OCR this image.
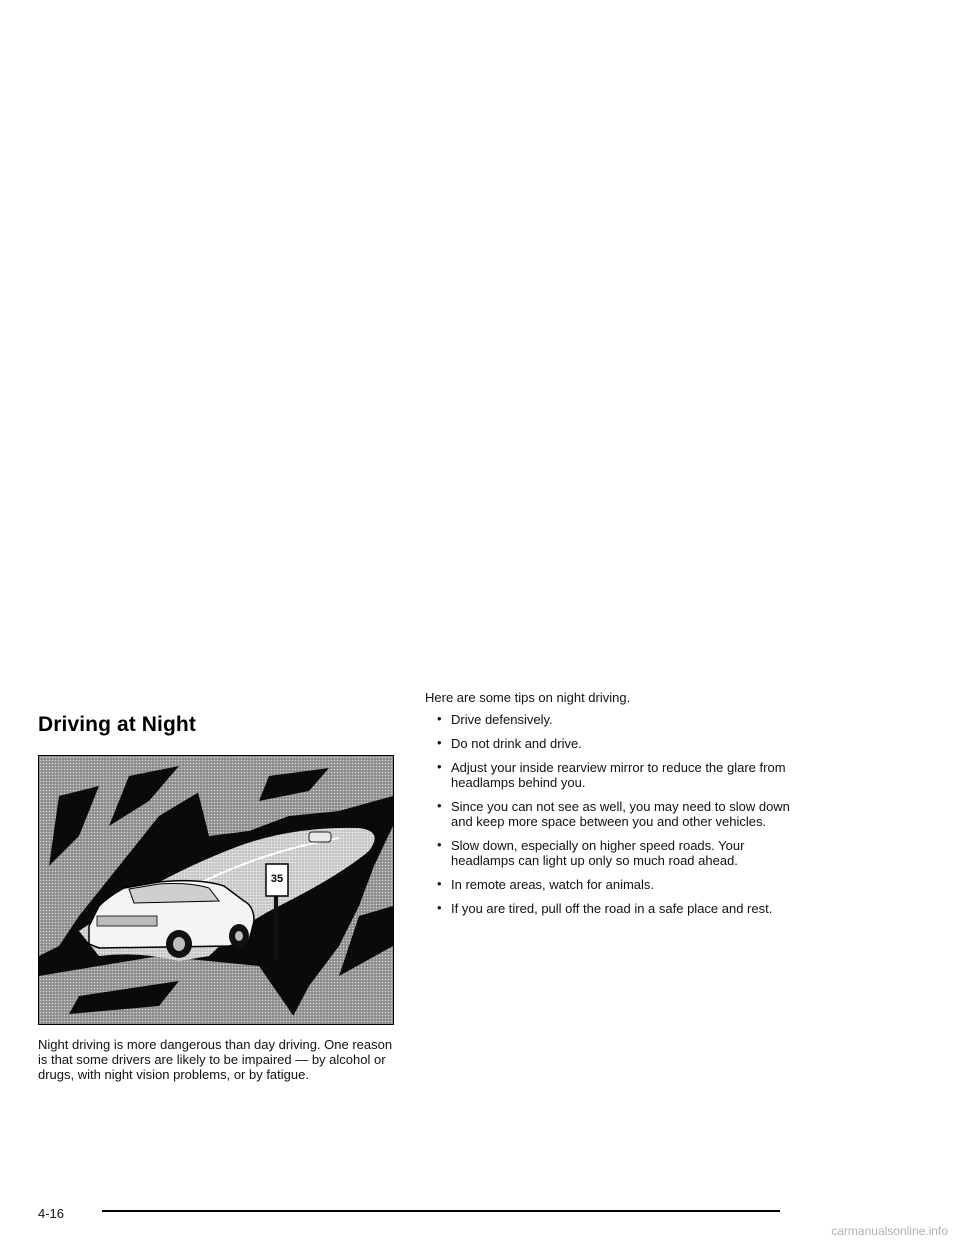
Driving at Night
35

Night driving is more dangerous than day driving. One reason is that some drivers are likely to be impaired — by alcohol or drugs, with night vision problems, or by fatigue.

Here are some tips on night driving.

• Drive defensively.
• Do not drink and drive.
• Adjust your inside rearview mirror to reduce the glare from headlamps behind you.
• Since you can not see as well, you may need to slow down and keep more space between you and other vehicles.
• Slow down, especially on higher speed roads. Your headlamps can light up only so much road ahead.
• In remote areas, watch for animals.
• If you are tired, pull off the road in a safe place and rest.
4-16
carmanualsonline.info
